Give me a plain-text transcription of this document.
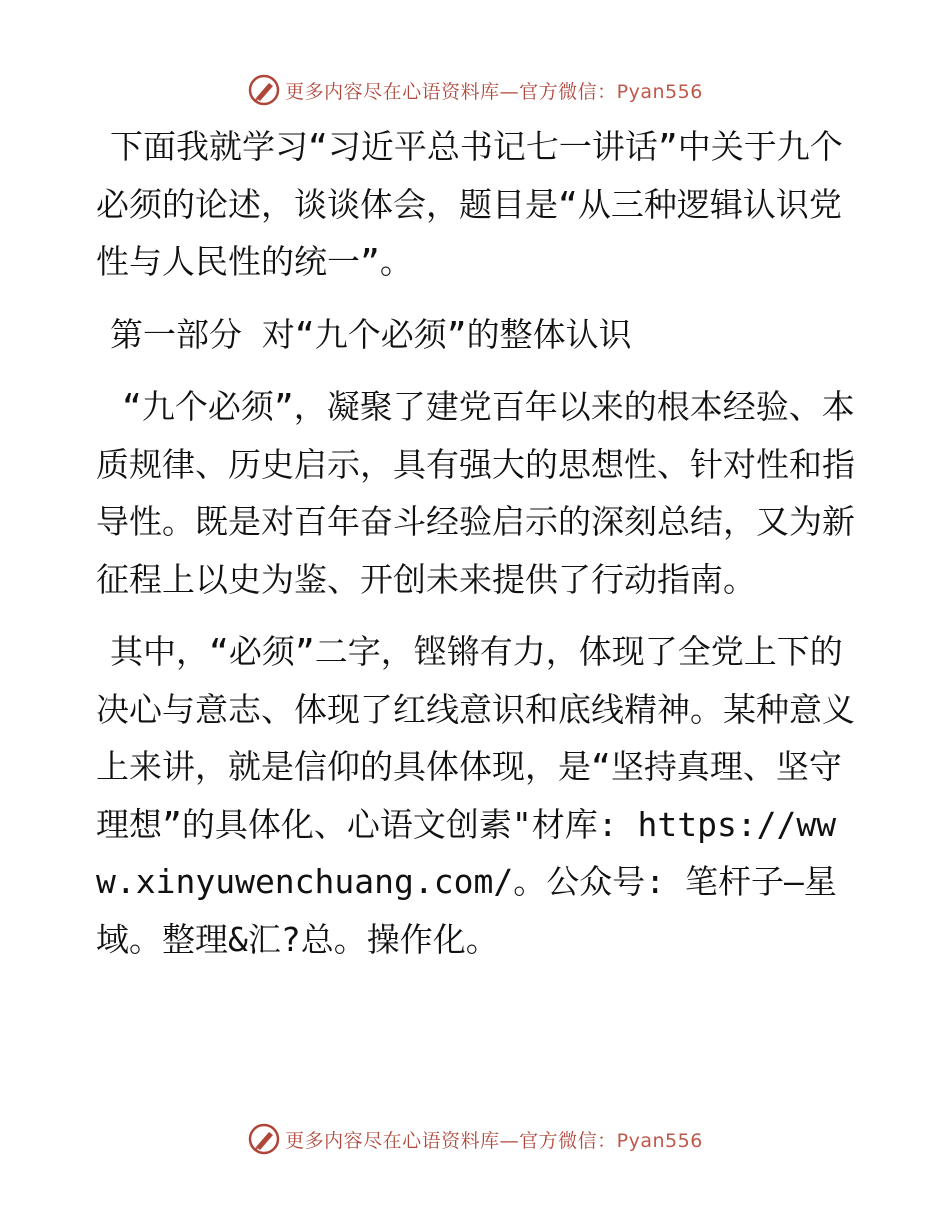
更多内容尽在心语资料库—官方微信：Pyan556

下面我就学习“习近平总书记七一讲话”中关于九个必须的论述，谈谈体会，题目是“从三种逻辑认识党性与人民性的统一”。

第一部分 对“九个必须”的整体认识

“九个必须”，凝聚了建党百年以来的根本经验、本质规律、历史启示，具有强大的思想性、针对性和指导性。既是对百年奋斗经验启示的深刻总结，又为新征程上以史为鉴、开创未来提供了行动指南。

其中，“必须”二字，铿锵有力，体现了全党上下的决心与意志、体现了红线意识和底线精神。某种意义上来讲，就是信仰的具体体现，是“坚持真理、坚守理想”的具体化、心语文创素"材库: https://www.xinyuwenchuang.com/。公众号: 笔杆子—星域。整理&汇?总。操作化。

更多内容尽在心语资料库—官方微信：Pyan556
